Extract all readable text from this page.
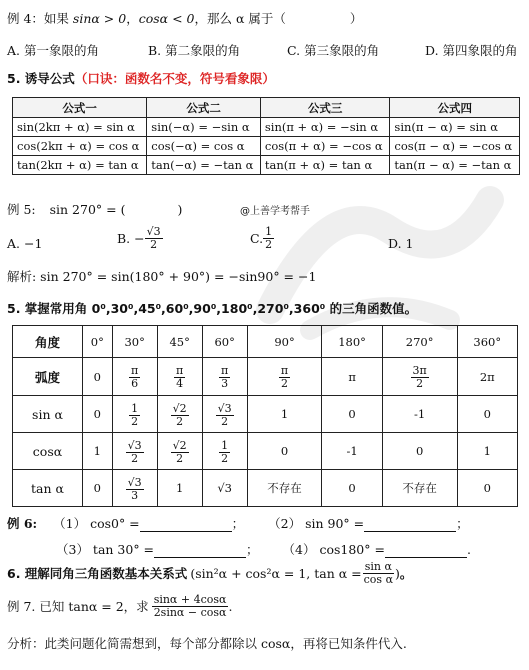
例 4：如果 sinα > 0，cosα < 0，那么 α 属于（	）
A. 第一象限的角	B. 第二象限的角	C. 第三象限的角	D. 第四象限的角
5. 诱导公式（口诀：函数名不变，符号看象限）
公式一	公式二	公式三	公式四
sin(2kπ + α) = sin α	sin(−α) = −sin α	sin(π + α) = −sin α	sin(π − α) = sin α
cos(2kπ + α) = cos α	cos(−α) = cos α	cos(π + α) = −cos α	cos(π − α) = −cos α
tan(2kπ + α) = tan α	tan(−α) = −tan α	tan(π + α) = tan α	tan(π − α) = −tan α
例 5: sin 270° = (	)	@上善学考帮手
A. −1	B. − $\frac{√3}{2}$	C. $\frac{1}{2}$	D. 1
解析: sin 270° = sin(180° + 90°) = −sin90° = −1
5. 掌握常用角 0⁰,30⁰,45⁰,60⁰,90⁰,180⁰,270⁰,360⁰ 的三角函数值。
角度	0°	30°	45°	60°	90°	180°	270°	360°
弧度	0	$\frac{\pi}{6}$	$\frac{\pi}{4}$	$\frac{\pi}{3}$	$\frac{\pi}{2}$	π	$\frac{3\pi}{2}$	2π
sin α	0	$\frac{1}{2}$	$\frac{√2}{2}$	$\frac{√3}{2}$	1	0	-1	0
cosα	1	$\frac{√3}{2}$	$\frac{√2}{2}$	$\frac{1}{2}$	0	-1	0	1
tan α	0	$\frac{√3}{3}$	1	√3	不存在	0	不存在	0
例 6: （1） cos0° =	； （2） sin 90° =	；
（3） tan 30° =	； （4） cos180° =	.
6. 理解同角三角函数基本关系式 (sin²α + cos²α = 1, $\tan \alpha = \frac{\text{sin α}}{\text{cos α}}$ ) 。
例 7. 已知 tanα = 2，求 $\frac{\sin\alpha + 4\cos\alpha}{2\sin\alpha - \cos\alpha}$ .
分析：此类问题化简需想到，每个部分都除以 cosα，再将已知条件代入.
